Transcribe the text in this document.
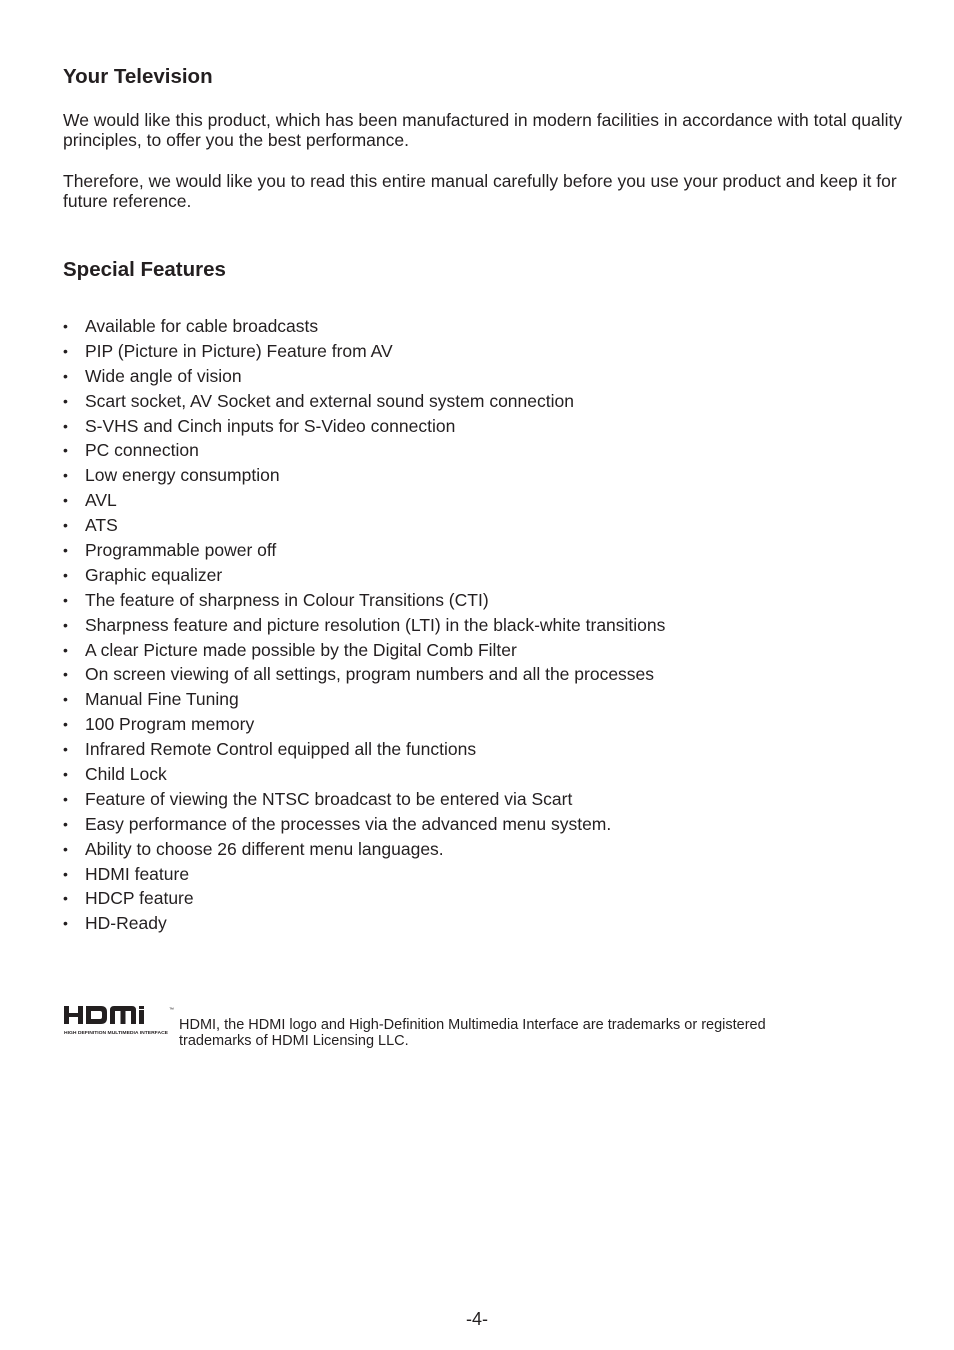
Your Television

We would like this product, which has been manufactured in modern facilities in accordance with total quality principles, to offer you the best performance.

Therefore, we would like you to read this entire manual carefully before you use your product and keep it for future reference.

Special Features
• Available for cable broadcasts
• PIP (Picture in Picture) Feature from AV
• Wide angle of vision
• Scart socket, AV Socket and external sound system connection
• S-VHS and Cinch inputs for S-Video connection
• PC connection
• Low energy consumption
• AVL
• ATS
• Programmable power off
• Graphic equalizer
• The feature of sharpness in Colour Transitions (CTI)
• Sharpness feature and picture resolution (LTI) in the black-white transitions
• A clear Picture made possible by the Digital Comb Filter
• On screen viewing of all settings, program numbers and all the processes
• Manual Fine Tuning
• 100 Program memory
• Infrared Remote Control equipped all the functions
• Child Lock
• Feature of viewing the NTSC broadcast to be entered via Scart
• Easy performance of the processes via the advanced menu system.
• Ability to choose 26 different menu languages.
• HDMI feature
• HDCP feature
• HD-Ready
™
HIGH DEFINITION MULTIMEDIA INTERFACE HDMI, the HDMI logo and High-Definition Multimedia Interface are trademarks or registered trademarks of HDMI Licensing LLC.

-4-
